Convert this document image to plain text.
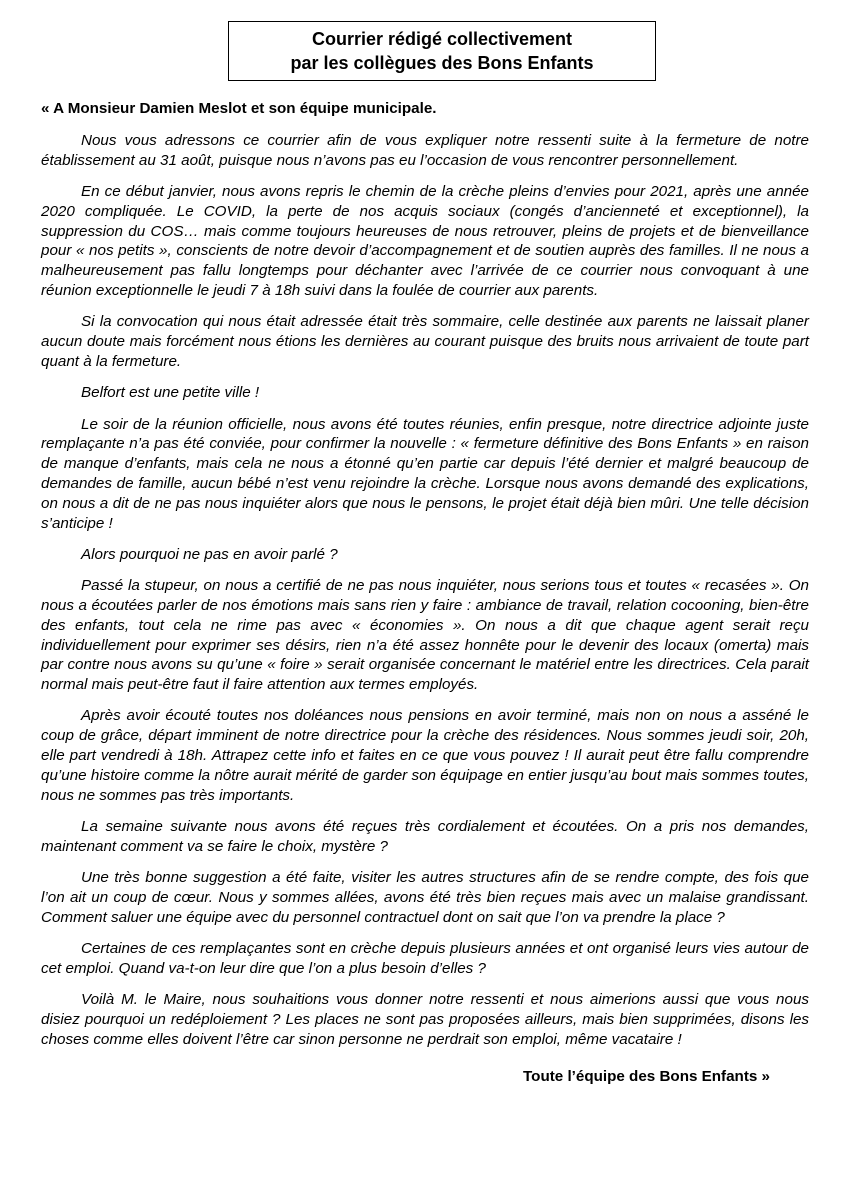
Courrier rédigé collectivement
par les collègues des Bons Enfants
« A Monsieur Damien Meslot et son équipe municipale.

Nous vous adressons ce courrier afin de vous expliquer notre ressenti suite à la fermeture de notre établissement au 31 août, puisque nous n’avons pas eu l’occasion de vous rencontrer personnellement.

En ce début janvier, nous avons repris le chemin de la crèche pleins d’envies pour 2021, après une année 2020 compliquée. Le COVID, la perte de nos acquis sociaux (congés d’ancienneté et exceptionnel), la suppression du COS… mais comme toujours heureuses de nous retrouver, pleins de projets et de bienveillance pour « nos petits », conscients de notre devoir d’accompagnement et de soutien auprès des familles. Il ne nous a malheureusement pas fallu longtemps pour déchanter avec l’arrivée de ce courrier nous convoquant à une réunion exceptionnelle le jeudi 7 à 18h suivi dans la foulée de courrier aux parents.

Si la convocation qui nous était adressée était très sommaire, celle destinée aux parents ne laissait planer aucun doute mais forcément nous étions les dernières au courant puisque des bruits nous arrivaient de toute part quant à la fermeture.

Belfort est une petite ville !

Le soir de la réunion officielle, nous avons été toutes réunies, enfin presque, notre directrice adjointe juste remplaçante n’a pas été conviée, pour confirmer la nouvelle : « fermeture définitive des Bons Enfants » en raison de manque d’enfants, mais cela ne nous a étonné qu’en partie car depuis l’été dernier et malgré beaucoup de demandes de famille, aucun bébé n’est venu rejoindre la crèche. Lorsque nous avons demandé des explications, on nous a dit de ne pas nous inquiéter alors que nous le pensons, le projet était déjà bien mûri. Une telle décision s’anticipe !

Alors pourquoi ne pas en avoir parlé ?

Passé la stupeur, on nous a certifié de ne pas nous inquiéter, nous serions tous et toutes « recasées ». On nous a écoutées parler de nos émotions mais sans rien y faire : ambiance de travail, relation cocooning, bien-être des enfants, tout cela ne rime pas avec « économies ». On nous a dit que chaque agent serait reçu individuellement pour exprimer ses désirs, rien n’a été assez honnête pour le devenir des locaux (omerta) mais par contre nous avons su qu’une « foire » serait organisée concernant le matériel entre les directrices. Cela parait normal mais peut-être faut il faire attention aux termes employés.

Après avoir écouté toutes nos doléances nous pensions en avoir terminé, mais non on nous a asséné le coup de grâce, départ imminent de notre directrice pour la crèche des résidences. Nous sommes jeudi soir, 20h, elle part vendredi à 18h. Attrapez cette info et faites en ce que vous pouvez ! Il aurait peut être fallu comprendre qu’une histoire comme la nôtre aurait mérité de garder son équipage en entier jusqu’au bout mais sommes toutes, nous ne sommes pas très importants.

La semaine suivante nous avons été reçues très cordialement et écoutées. On a pris nos demandes, maintenant comment va se faire le choix, mystère ?

Une très bonne suggestion a été faite, visiter les autres structures afin de se rendre compte, des fois que l’on ait un coup de cœur. Nous y sommes allées, avons été très bien reçues mais avec un malaise grandissant. Comment saluer une équipe avec du personnel contractuel dont on sait que l’on va prendre la place ?

Certaines de ces remplaçantes sont en crèche depuis plusieurs années et ont organisé leurs vies autour de cet emploi. Quand va-t-on leur dire que l’on a plus besoin d’elles ?

Voilà M. le Maire, nous souhaitions vous donner notre ressenti et nous aimerions aussi que vous nous disiez pourquoi un redéploiement ? Les places ne sont pas proposées ailleurs, mais bien supprimées, disons les choses comme elles doivent l’être car sinon personne ne perdrait son emploi, même vacataire !

Toute l’équipe des Bons Enfants »
